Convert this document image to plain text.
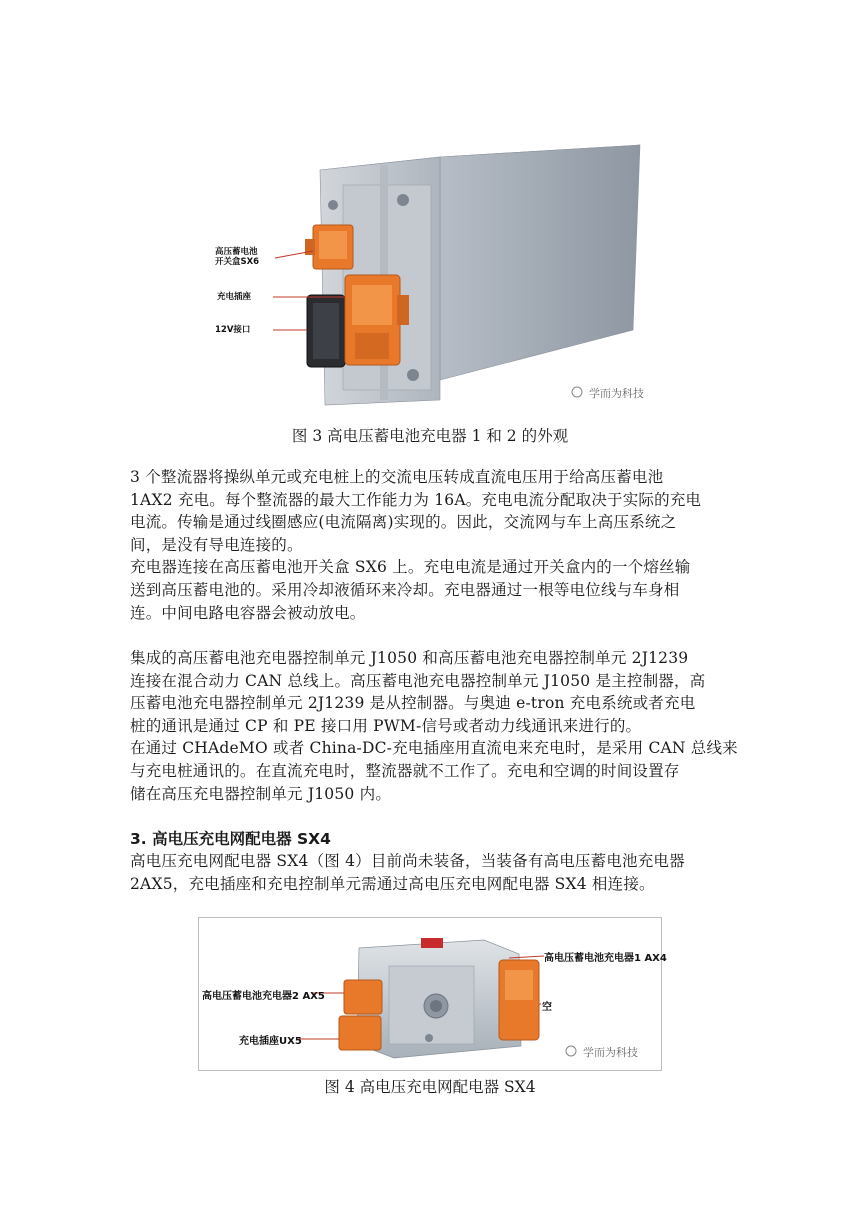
高压蓄电池
开关盒SX6
充电插座
12V接口
学而为科技
图 3 高电压蓄电池充电器 1 和 2 的外观

3 个整流器将操纵单元或充电桩上的交流电压转成直流电压用于给高压蓄电池

1AX2 充电。每个整流器的最大工作能力为 16A。充电电流分配取决于实际的充电

电流。传输是通过线圈感应(电流隔离)实现的。因此，交流网与车上高压系统之

间，是没有导电连接的。

充电器连接在高压蓄电池开关盒 SX6 上。充电电流是通过开关盒内的一个熔丝输

送到高压蓄电池的。采用冷却液循环来冷却。充电器通过一根等电位线与车身相

连。中间电路电容器会被动放电。

集成的高压蓄电池充电器控制单元 J1050 和高压蓄电池充电器控制单元 2J1239

连接在混合动力 CAN 总线上。高压蓄电池充电器控制单元 J1050 是主控制器，高

压蓄电池充电器控制单元 2J1239 是从控制器。与奥迪 e-tron 充电系统或者充电

桩的通讯是通过 CP 和 PE 接口用 PWM-信号或者动力线通讯来进行的。

在通过 CHAdeMO 或者 China-DC-充电插座用直流电来充电时，是采用 CAN 总线来

与充电桩通讯的。在直流充电时，整流器就不工作了。充电和空调的时间设置存

储在高压充电器控制单元 J1050 内。

3. 高电压充电网配电器 SX4

高电压充电网配电器 SX4（图 4）目前尚未装备，当装备有高电压蓄电池充电器

2AX5，充电插座和充电控制单元需通过高电压充电网配电器 SX4 相连接。

高电压蓄电池充电器1 AX4
高电压蓄电池充电器2 AX5
空
充电插座UX5
学而为科技
图 4 高电压充电网配电器 SX4
